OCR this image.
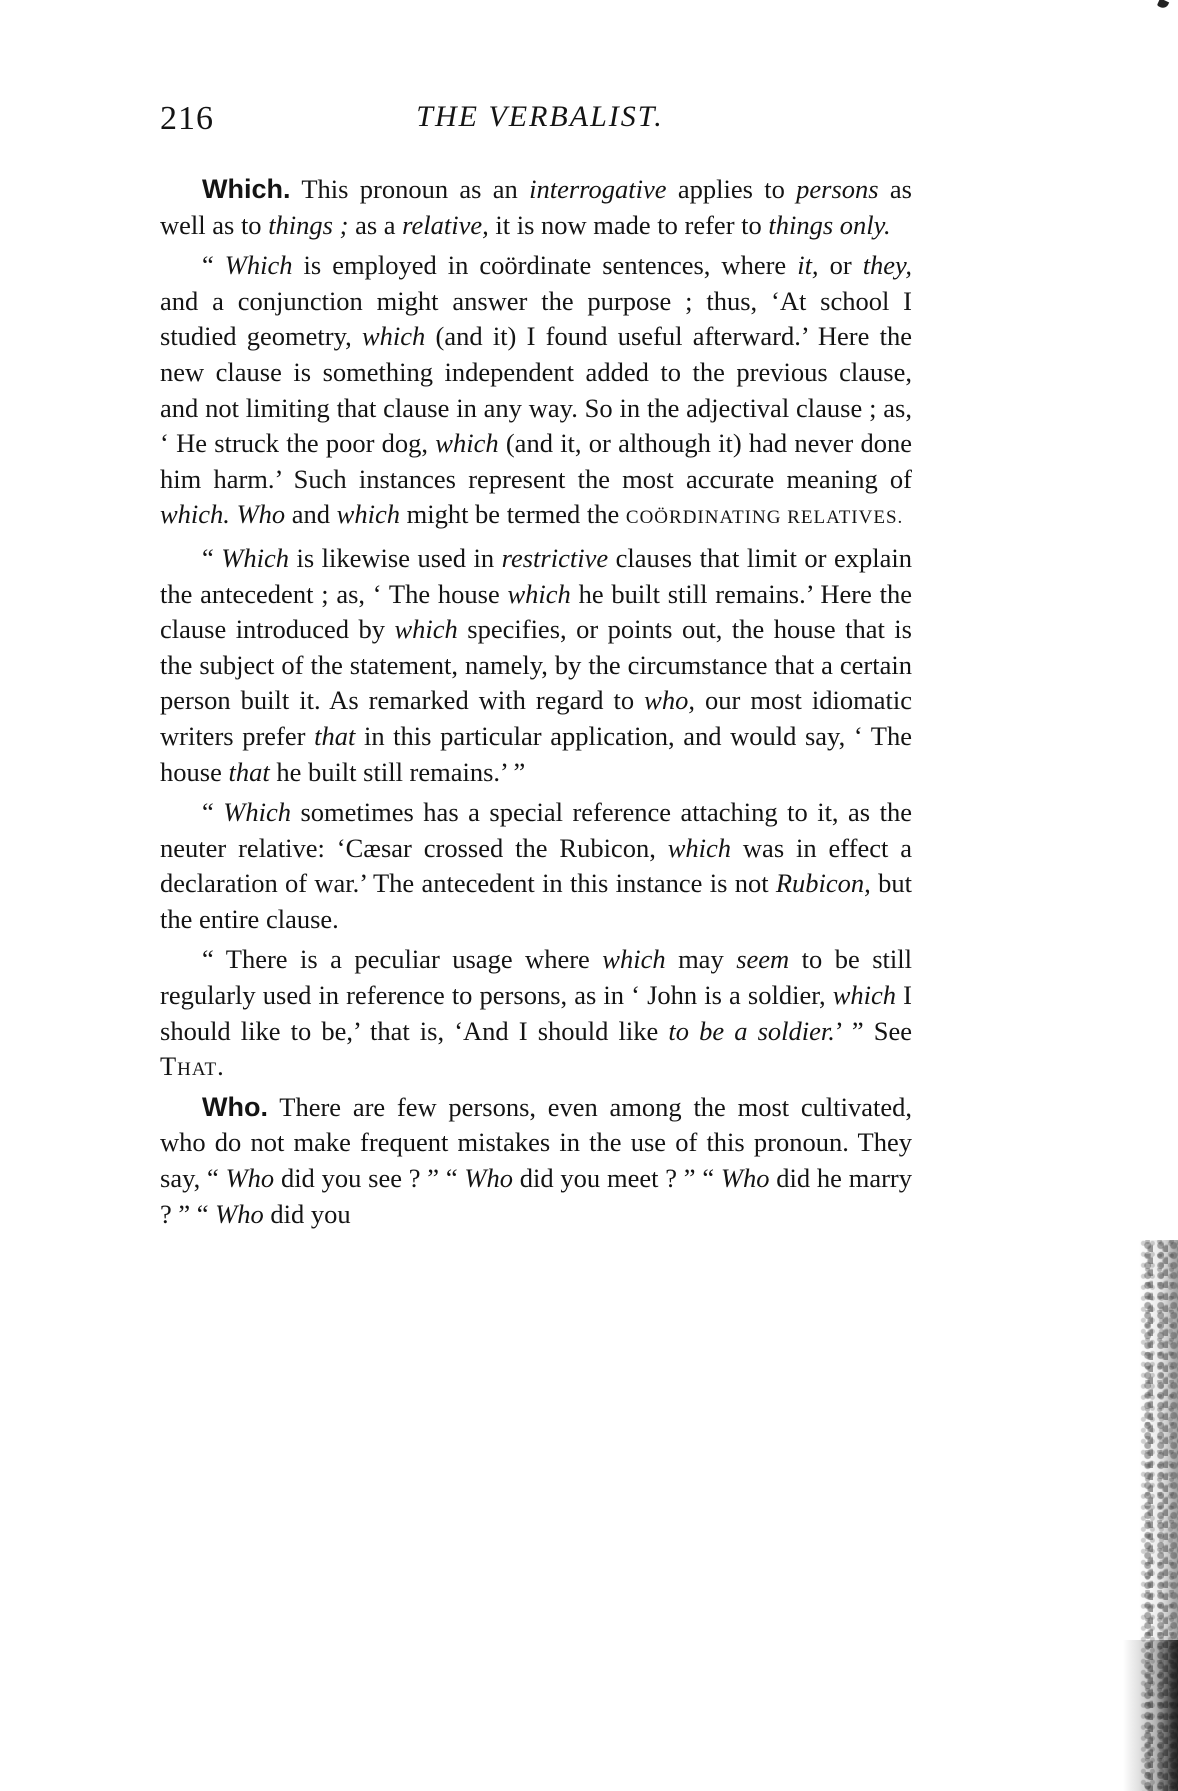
216	THE VERBALIST.

Which. This pronoun as an interrogative applies to persons as well as to things ; as a relative, it is now made to refer to things only.

“ Which is employed in coördinate sentences, where it, or they, and a conjunction might answer the purpose ; thus, ‘At school I studied geometry, which (and it) I found useful afterward.’ Here the new clause is something independent added to the previous clause, and not limiting that clause in any way. So in the adjectival clause ; as, ‘ He struck the poor dog, which (and it, or although it) had never done him harm.’ Such instances represent the most accurate meaning of which. Who and which might be termed the COÖRDINATING RELATIVES.

“ Which is likewise used in restrictive clauses that limit or explain the antecedent ; as, ‘ The house which he built still remains.’ Here the clause introduced by which specifies, or points out, the house that is the subject of the statement, namely, by the circumstance that a certain person built it. As remarked with regard to who, our most idiomatic writers prefer that in this particular application, and would say, ‘ The house that he built still remains.’ ”

“ Which sometimes has a special reference attaching to it, as the neuter relative: ‘Cæsar crossed the Rubicon, which was in effect a declaration of war.’ The antecedent in this instance is not Rubicon, but the entire clause.

“ There is a peculiar usage where which may seem to be still regularly used in reference to persons, as in ‘ John is a soldier, which I should like to be,’ that is, ‘And I should like to be a soldier.’ ” See That.

Who. There are few persons, even among the most cultivated, who do not make frequent mistakes in the use of this pronoun. They say, “ Who did you see ? ” “ Who did you meet ? ” “ Who did he marry ? ” “ Who did you
